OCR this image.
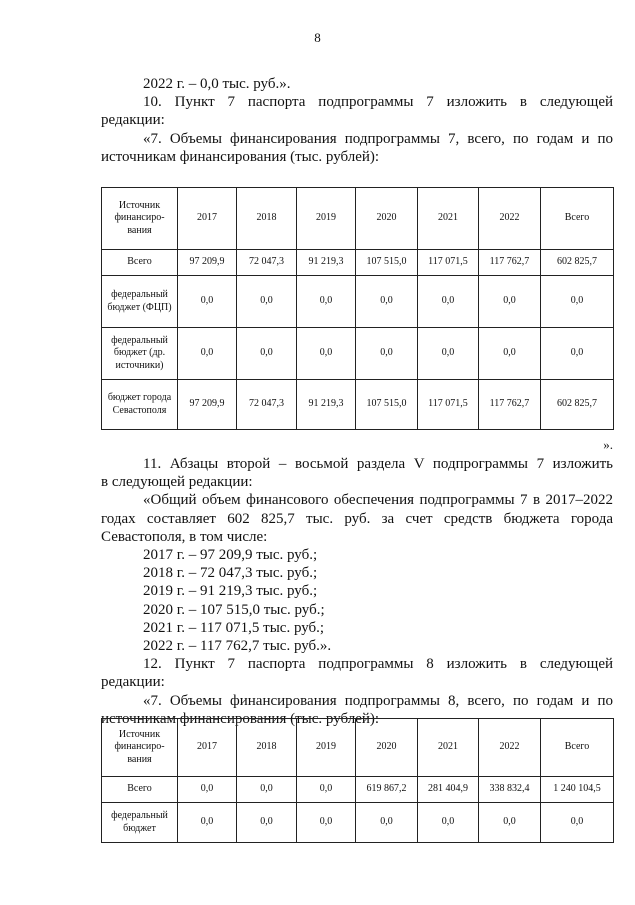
8
2022 г. – 0,0 тыс. руб.».
10. Пункт 7 паспорта подпрограммы 7 изложить в следующей
редакции:
«7. Объемы финансирования подпрограммы 7, всего, по годам и по
источникам финансирования (тыс. рублей):
Источник финансиро-вания	2017	2018	2019	2020	2021	2022	Всего
Всего	97 209,9	72 047,3	91 219,3	107 515,0	117 071,5	117 762,7	602 825,7
федеральный бюджет (ФЦП)	0,0	0,0	0,0	0,0	0,0	0,0	0,0
федеральный бюджет (др. источники)	0,0	0,0	0,0	0,0	0,0	0,0	0,0
бюджет города Севастополя	97 209,9	72 047,3	91 219,3	107 515,0	117 071,5	117 762,7	602 825,7
».
11. Абзацы второй – восьмой раздела V подпрограммы 7 изложить
в следующей редакции:
«Общий объем финансового обеспечения подпрограммы 7 в 2017–2022
годах составляет 602 825,7 тыс. руб. за счет средств бюджета города
Севастополя, в том числе:
2017 г. – 97 209,9 тыс. руб.;
2018 г. – 72 047,3 тыс. руб.;
2019 г. – 91 219,3 тыс. руб.;
2020 г. – 107 515,0 тыс. руб.;
2021 г. – 117 071,5 тыс. руб.;
2022 г. – 117 762,7 тыс. руб.».
12. Пункт 7 паспорта подпрограммы 8 изложить в следующей
редакции:
«7. Объемы финансирования подпрограммы 8, всего, по годам и по
источникам финансирования (тыс. рублей):
Источник финансиро-вания	2017	2018	2019	2020	2021	2022	Всего
Всего	0,0	0,0	0,0	619 867,2	281 404,9	338 832,4	1 240 104,5
федеральный бюджет	0,0	0,0	0,0	0,0	0,0	0,0	0,0
